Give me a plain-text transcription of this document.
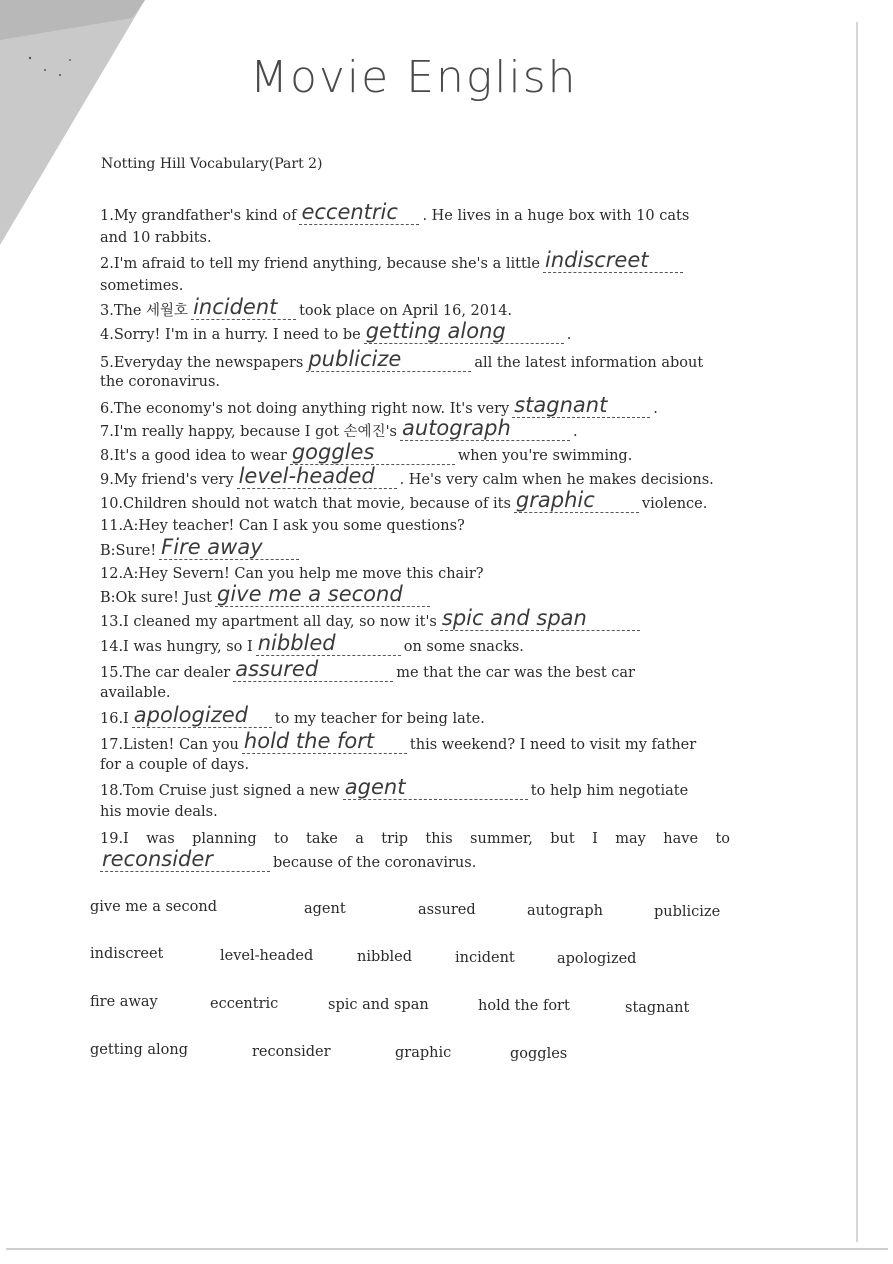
Movie English
Notting Hill Vocabulary(Part 2)
1.My grandfather's kind of eccentric . He lives in a huge box with 10 cats
and 10 rabbits.
2.I'm afraid to tell my friend anything, because she's a little indiscreet
sometimes.
3.The 세월호 incident took place on April 16, 2014.
4.Sorry! I'm in a hurry. I need to be getting along	.
5.Everyday the newspapers publicize	all the latest information about
the coronavirus.
6.The economy's not doing anything right now. It's very stagnant	.
7.I'm really happy, because I got 손예진's autograph	.
8.It's a good idea to wear goggles	when you're swimming.
9.My friend's very level-headed . He's very calm when he makes decisions.
10.Children should not watch that movie, because of its graphic	violence.
11.A:Hey teacher! Can I ask you some questions?
B:Sure! Fire away
12.A:Hey Severn! Can you help me move this chair?
B:Ok sure! Just give me a second
13.I cleaned my apartment all day, so now it's spic and span
14.I was hungry, so I nibbled	on some snacks.
15.The car dealer assured	me that the car was the best car
available.
16.I apologized to my teacher for being late.
17.Listen! Can you hold the fort this weekend? I need to visit my father
for a couple of days.
18.Tom Cruise just signed a new agent	to help him negotiate
his movie deals.
19.I was planning to take a trip this summer, but I may have to
reconsider	because of the coronavirus.
give me a second	agent	assured	autograph	publicize
indiscreet	level-headed	nibbled	incident	apologized
fire away	eccentric	spic and span	hold the fort	stagnant
getting along	reconsider	graphic	goggles
